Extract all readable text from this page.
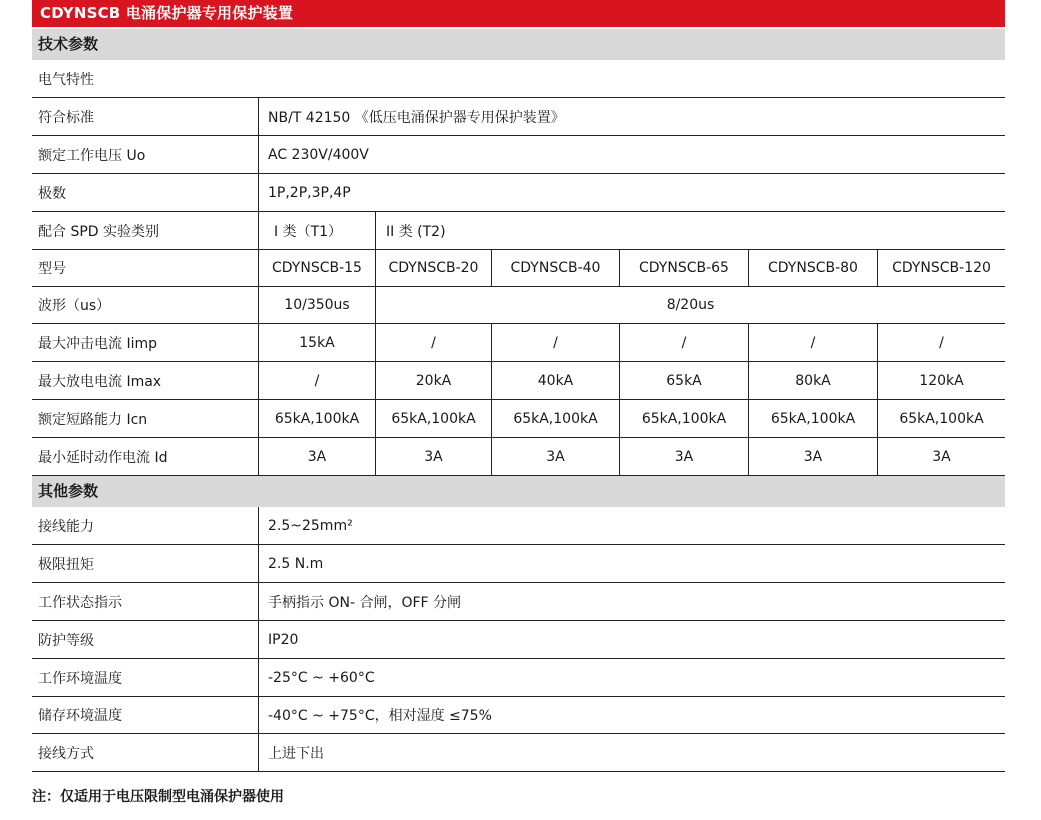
CDYNSCB 电涌保护器专用保护装置
技术参数
电气特性
符合标准	NB/T 42150 《低压电涌保护器专用保护装置》
额定工作电压 Uo	AC 230V/400V
极数	1P,2P,3P,4P
配合 SPD 实验类别	I 类（T1）	II 类 (T2)
型号	CDYNSCB-15	CDYNSCB-20	CDYNSCB-40	CDYNSCB-65	CDYNSCB-80	CDYNSCB-120
波形（us）	10/350us	8/20us
最大冲击电流 Iimp	15kA	/	/	/	/	/
最大放电电流 Imax	/	20kA	40kA	65kA	80kA	120kA
额定短路能力 Icn	65kA,100kA	65kA,100kA	65kA,100kA	65kA,100kA	65kA,100kA	65kA,100kA
最小延时动作电流 Id	3A	3A	3A	3A	3A	3A
其他参数
接线能力	2.5~25mm²
极限扭矩	2.5 N.m
工作状态指示	手柄指示 ON- 合闸，OFF 分闸
防护等级	IP20
工作环境温度	-25°C ~ +60°C
储存环境温度	-40°C ~ +75°C，相对湿度 ≤75%
接线方式	上进下出
注：仅适用于电压限制型电涌保护器使用
